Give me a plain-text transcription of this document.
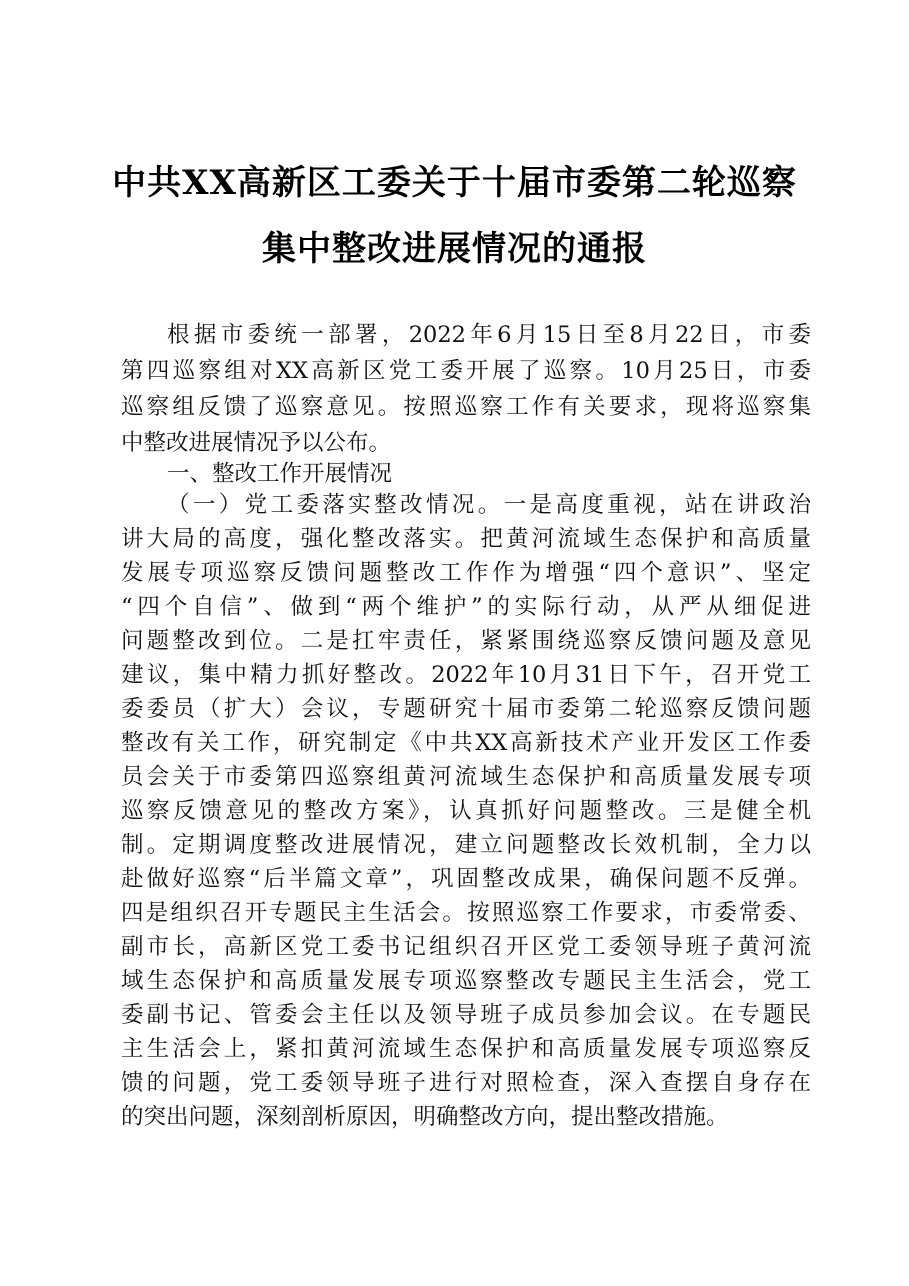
中共XX高新区工委关于十届市委第二轮巡察
集中整改进展情况的通报
根据市委统一部署，2022年6月15日至8月22日，市委
第四巡察组对XX高新区党工委开展了巡察。10月25日，市委
巡察组反馈了巡察意见。按照巡察工作有关要求，现将巡察集
中整改进展情况予以公布。
一、整改工作开展情况
（一）党工委落实整改情况。一是高度重视，站在讲政治
讲大局的高度，强化整改落实。把黄河流域生态保护和高质量
发展专项巡察反馈问题整改工作作为增强“四个意识”、坚定
“四个自信”、做到“两个维护”的实际行动，从严从细促进
问题整改到位。二是扛牢责任，紧紧围绕巡察反馈问题及意见
建议，集中精力抓好整改。2022年10月31日下午，召开党工
委委员（扩大）会议，专题研究十届市委第二轮巡察反馈问题
整改有关工作，研究制定《中共XX高新技术产业开发区工作委
员会关于市委第四巡察组黄河流域生态保护和高质量发展专项
巡察反馈意见的整改方案》，认真抓好问题整改。三是健全机
制。定期调度整改进展情况，建立问题整改长效机制，全力以
赴做好巡察“后半篇文章”，巩固整改成果，确保问题不反弹。
四是组织召开专题民主生活会。按照巡察工作要求，市委常委、
副市长，高新区党工委书记组织召开区党工委领导班子黄河流
域生态保护和高质量发展专项巡察整改专题民主生活会，党工
委副书记、管委会主任以及领导班子成员参加会议。在专题民
主生活会上，紧扣黄河流域生态保护和高质量发展专项巡察反
馈的问题，党工委领导班子进行对照检查，深入查摆自身存在
的突出问题，深刻剖析原因，明确整改方向，提出整改措施。
